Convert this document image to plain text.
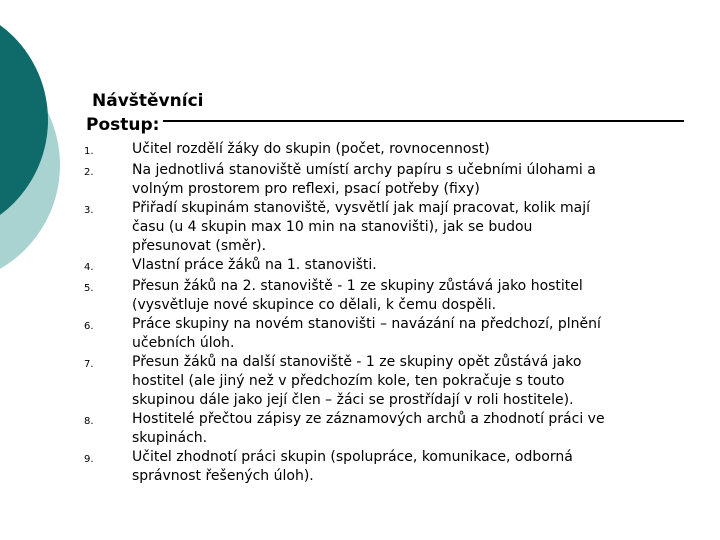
Návštěvníci
Postup:
1.	Učitel rozdělí žáky do skupin (počet, rovnocennost)
2.	Na jednotlivá stanoviště umístí archy papíru s učebními úlohami a
volným prostorem pro reflexi, psací potřeby (fixy)
3.	Přiřadí skupinám stanoviště, vysvětlí jak mají pracovat, kolik mají
času (u 4 skupin max 10 min na stanovišti), jak se budou
přesunovat (směr).
4.	Vlastní práce žáků na 1. stanovišti.
5.	Přesun žáků na 2. stanoviště - 1 ze skupiny zůstává jako hostitel
(vysvětluje nové skupince co dělali, k čemu dospěli.
6.	Práce skupiny na novém stanovišti – navázání na předchozí, plnění
učebních úloh.
7.	Přesun žáků na další stanoviště - 1 ze skupiny opět zůstává jako
hostitel (ale jiný než v předchozím kole, ten pokračuje s touto
skupinou dále jako její člen – žáci se prostřídají v roli hostitele).
8.	Hostitelé přečtou zápisy ze záznamových archů a zhodnotí práci ve
skupinách.
9.	Učitel zhodnotí práci skupin (spolupráce, komunikace, odborná
správnost řešených úloh).
